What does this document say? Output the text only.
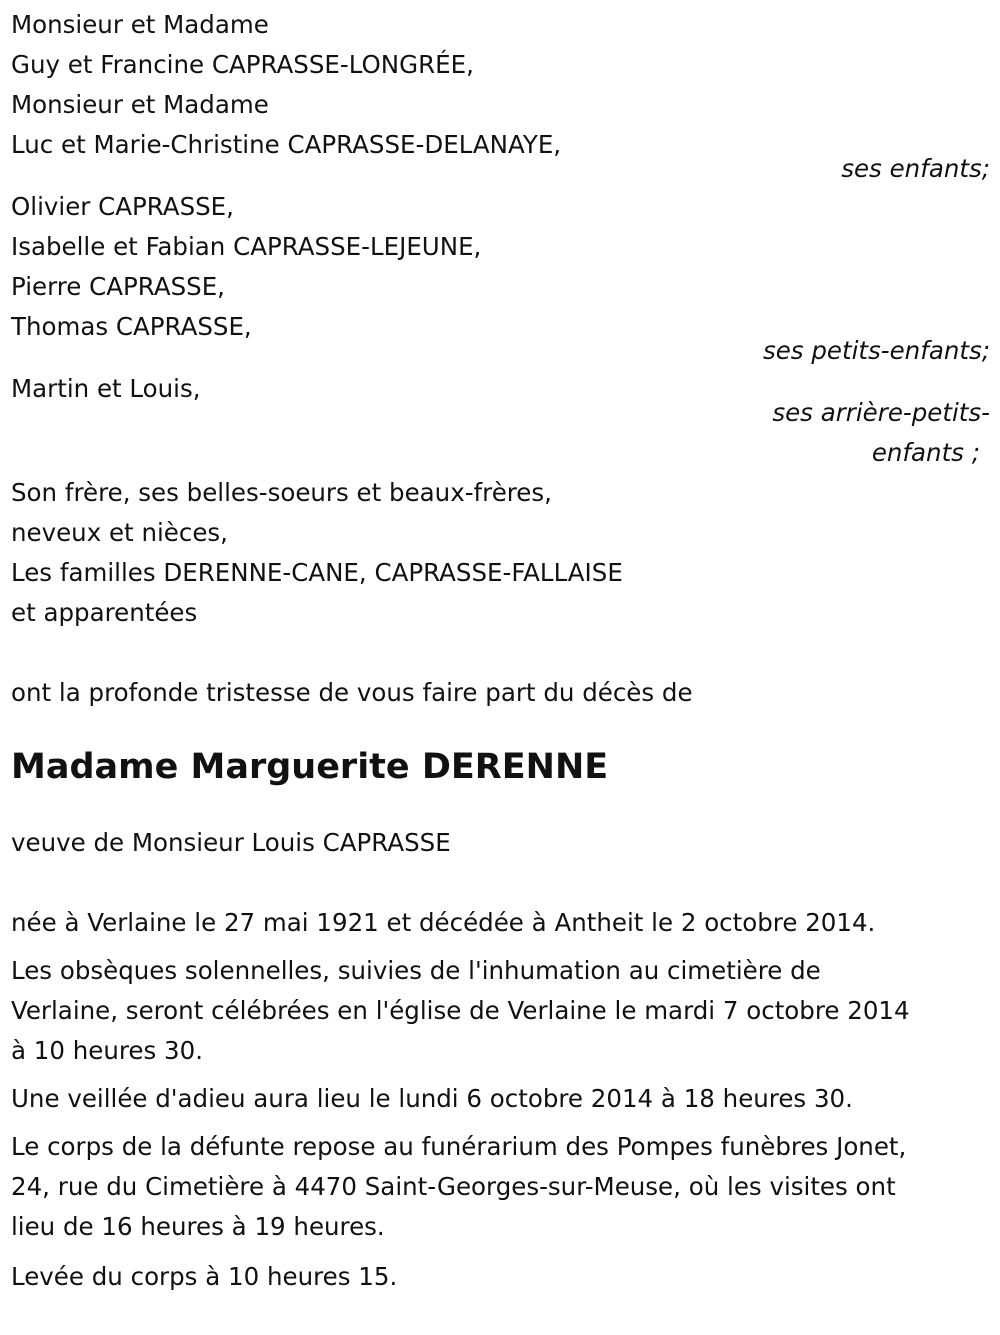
Monsieur et Madame
Guy et Francine CAPRASSE-LONGRÉE,
Monsieur et Madame
Luc et Marie-Christine CAPRASSE-DELANAYE,
ses enfants;
Olivier CAPRASSE,
Isabelle et Fabian CAPRASSE-LEJEUNE,
Pierre CAPRASSE,
Thomas CAPRASSE,
ses petits-enfants;
Martin et Louis,
ses arrière-petits-
enfants ;
Son frère, ses belles-soeurs et beaux-frères,
neveux et nièces,
Les familles DERENNE-CANE, CAPRASSE-FALLAISE
et apparentées
ont la profonde tristesse de vous faire part du décès de
Madame Marguerite DERENNE
veuve de Monsieur Louis CAPRASSE
née à Verlaine le 27 mai 1921 et décédée à Antheit le 2 octobre 2014.
Les obsèques solennelles, suivies de l'inhumation au cimetière de
Verlaine, seront célébrées en l'église de Verlaine le mardi 7 octobre 2014
à 10 heures 30.
Une veillée d'adieu aura lieu le lundi 6 octobre 2014 à 18 heures 30.
Le corps de la défunte repose au funérarium des Pompes funèbres Jonet,
24, rue du Cimetière à 4470 Saint-Georges-sur-Meuse, où les visites ont
lieu de 16 heures à 19 heures.
Levée du corps à 10 heures 15.
